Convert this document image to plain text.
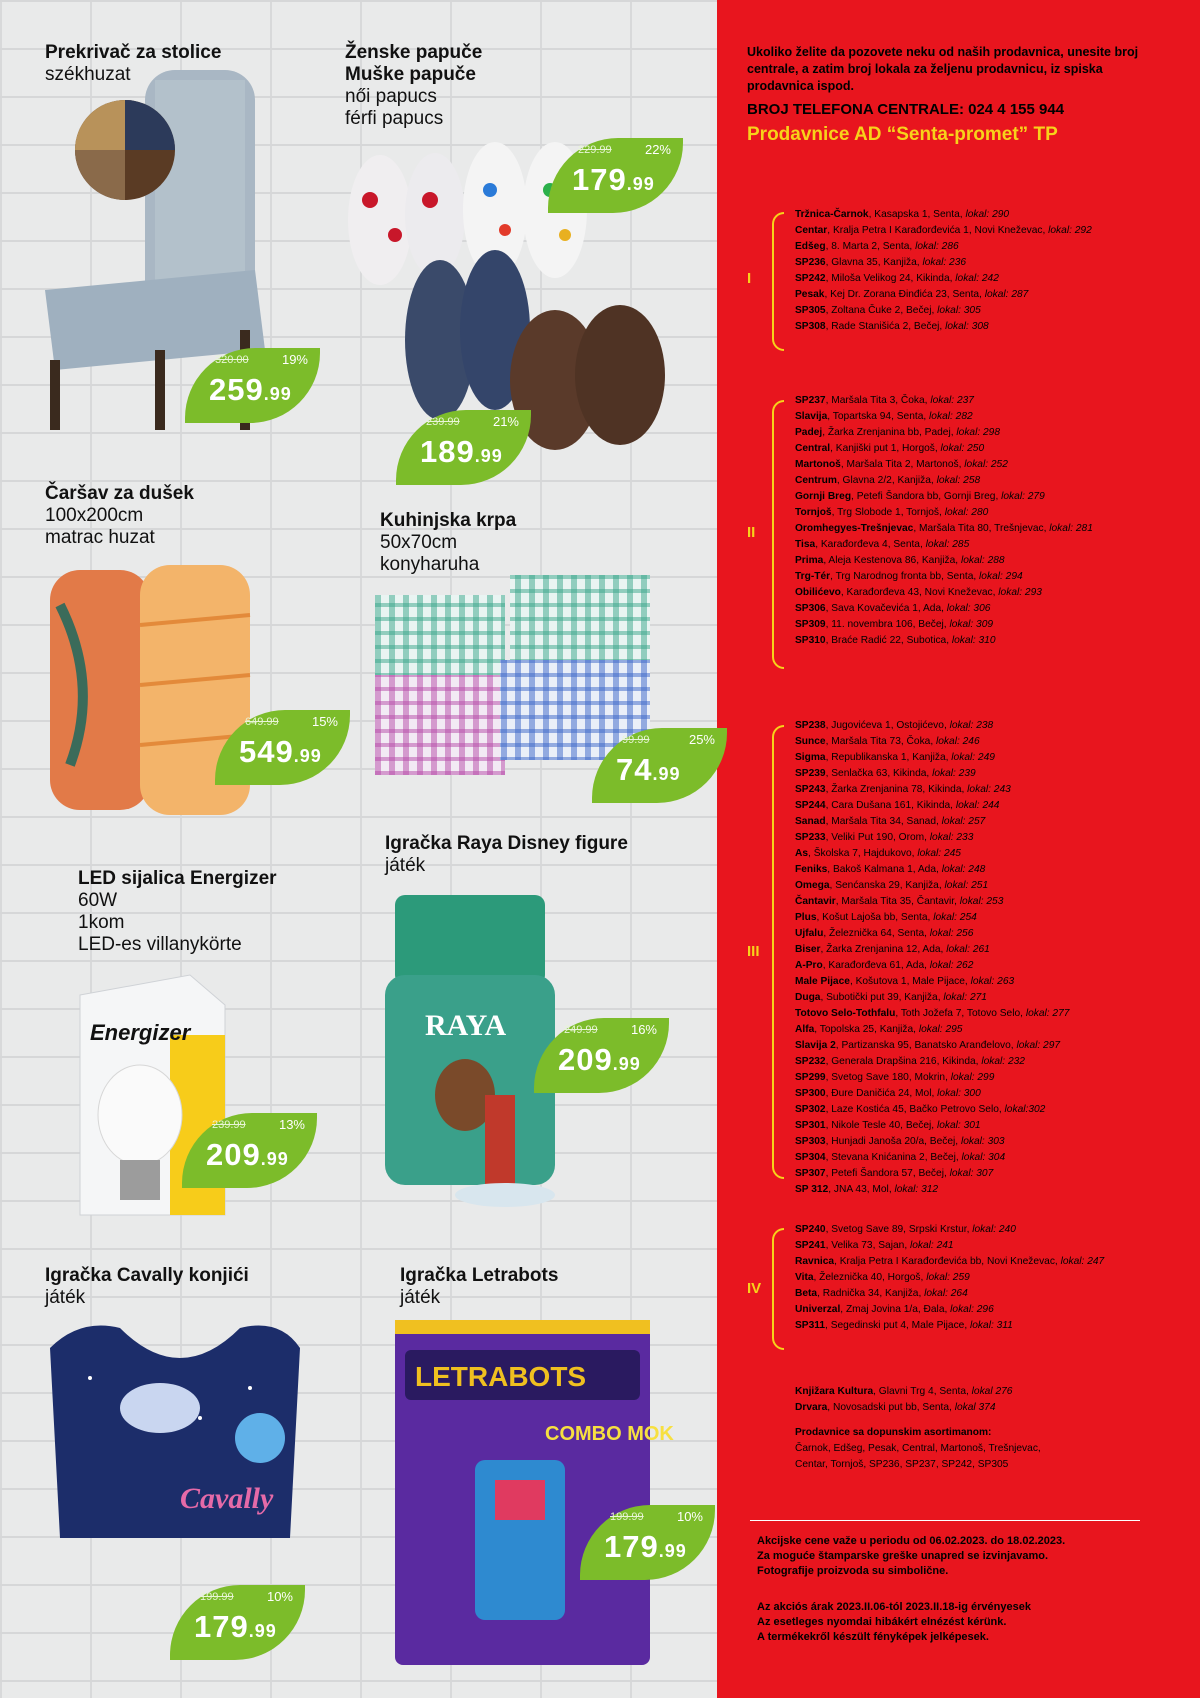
Prekrivač za stolice
székhuzat
320.00	19%
259.99
Ženske papuče
Muške papuče
női papucs
férfi papucs
229.99	22%
179.99
239.99	21%
189.99
Čaršav za dušek
100x200cm
matrac huzat
649.99	15%
549.99
Kuhinjska krpa
50x70cm
konyharuha
99.99	25%
74.99
LED sijalica Energizer
60W
1kom
LED-es villanykörte
Energizer
239.99	13%
209.99
Igračka Raya Disney figure
játék
RAYA	249.99	16%
209.99
Igračka Cavally konjići
játék
Cavally
199.99	10%
179.99
Igračka Letrabots
játék
LETRABOTS
COMBO MOK
199.99	10%
179.99
Ukoliko želite da pozovete neku od naših prodavnica, unesite broj centrale, a zatim broj lokala za željenu prodavnicu, iz spiska prodavnica ispod.
BROJ TELEFONA CENTRALE: 024 4 155 944
Prodavnice AD “Senta-promet” TP
I
Tržnica-Čarnok, Kasapska 1, Senta, lokal: 290
Centar, Kralja Petra I Karađorđevića 1, Novi Kneževac, lokal: 292
Edšeg, 8. Marta 2, Senta, lokal: 286
SP236, Glavna 35, Kanjiža, lokal: 236
SP242, Miloša Velikog 24, Kikinda, lokal: 242
Pesak, Kej Dr. Zorana Đinđića 23, Senta, lokal: 287
SP305, Zoltana Čuke 2, Bečej, lokal: 305
SP308, Rade Stanišića 2, Bečej, lokal: 308
II
SP237, Maršala Tita 3, Čoka, lokal: 237
Slavija, Topartska 94, Senta, lokal: 282
Padej, Žarka Zrenjanina bb, Padej, lokal: 298
Central, Kanjiški put 1, Horgoš, lokal: 250
Martonoš, Maršala Tita 2, Martonoš, lokal: 252
Centrum, Glavna 2/2, Kanjiža, lokal: 258
Gornji Breg, Petefi Šandora bb, Gornji Breg, lokal: 279
Tornjoš, Trg Slobode 1, Tornjoš, lokal: 280
Oromhegyes-Trešnjevac, Maršala Tita 80, Trešnjevac, lokal: 281
Tisa, Karađorđeva 4, Senta, lokal: 285
Prima, Aleja Kestenova 86, Kanjiža, lokal: 288
Trg-Tér, Trg Narodnog fronta bb, Senta, lokal: 294
Obilićevo, Karađorđeva 43, Novi Kneževac, lokal: 293
SP306, Sava Kovačevića 1, Ada, lokal: 306
SP309, 11. novembra 106, Bečej, lokal: 309
SP310, Braće Radić 22, Subotica, lokal: 310
III
SP238, Jugovićeva 1, Ostojićevo, lokal: 238
Sunce, Maršala Tita 73, Čoka, lokal: 246
Sigma, Republikanska 1, Kanjiža, lokal: 249
SP239, Senlačka 63, Kikinda, lokal: 239
SP243, Žarka Zrenjanina 78, Kikinda, lokal: 243
SP244, Cara Dušana 161, Kikinda, lokal: 244
Sanad, Maršala Tita 34, Sanad, lokal: 257
SP233, Veliki Put 190, Orom, lokal: 233
As, Školska 7, Hajdukovo, lokal: 245
Feniks, Bakoš Kalmana 1, Ada, lokal: 248
Omega, Senćanska 29, Kanjiža, lokal: 251
Čantavir, Maršala Tita 35, Čantavir, lokal: 253
Plus, Košut Lajoša bb, Senta, lokal: 254
Ujfalu, Železnička 64, Senta, lokal: 256
Biser, Žarka Zrenjanina 12, Ada, lokal: 261
A-Pro, Karađorđeva 61, Ada, lokal: 262
Male Pijace, Košutova 1, Male Pijace, lokal: 263
Duga, Subotički put 39, Kanjiža, lokal: 271
Totovo Selo-Tothfalu, Toth Jožefa 7, Totovo Selo, lokal: 277
Alfa, Topolska 25, Kanjiža, lokal: 295
Slavija 2, Partizanska 95, Banatsko Aranđelovo, lokal: 297
SP232, Generala Drapšina 216, Kikinda, lokal: 232
SP299, Svetog Save 180, Mokrin, lokal: 299
SP300, Đure Daničića 24, Mol, lokal: 300
SP302, Laze Kostića 45, Bačko Petrovo Selo, lokal:302
SP301, Nikole Tesle 40, Bečej, lokal: 301
SP303, Hunjadi Janoša 20/a, Bečej, lokal: 303
SP304, Stevana Knićanina 2, Bečej, lokal: 304
SP307, Petefi Šandora 57, Bečej, lokal: 307
SP 312, JNA 43, Mol, lokal: 312
IV
SP240, Svetog Save 89, Srpski Krstur, lokal: 240
SP241, Velika 73, Sajan, lokal: 241
Ravnica, Kralja Petra I Karađorđevića bb, Novi Kneževac, lokal: 247
Vita, Železnička 40, Horgoš, lokal: 259
Beta, Radnička 34, Kanjiža, lokal: 264
Univerzal, Zmaj Jovina 1/a, Đala, lokal: 296
SP311, Segedinski put 4, Male Pijace, lokal: 311
Knjižara Kultura, Glavni Trg 4, Senta, lokal 276
Drvara, Novosadski put bb, Senta, lokal 374
Prodavnice sa dopunskim asortimanom:
Čarnok, Edšeg, Pesak, Central, Martonoš, Trešnjevac,
Centar, Tornjoš, SP236, SP237, SP242, SP305
Akcijske cene važe u periodu od 06.02.2023. do 18.02.2023.
Za moguće štamparske greške unapred se izvinjavamo.
Fotografije proizvoda su simbolične.
Az akciós árak 2023.II.06-tól 2023.II.18-ig érvényesek
Az esetleges nyomdai hibákért elnézést kérünk.
A termékekről készült fényképek jelképesek.
